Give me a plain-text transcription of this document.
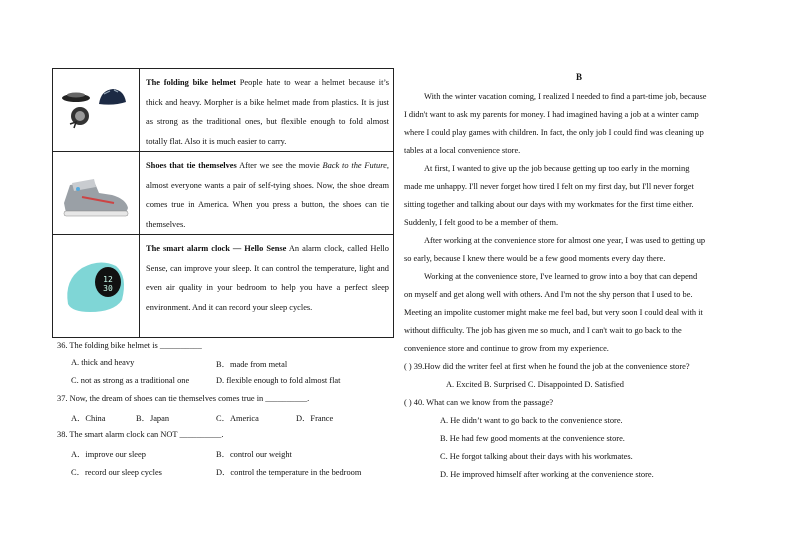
	The folding bike helmet People hate to wear a helmet because it’s thick and heavy. Morpher is a bike helmet made from plastics. It is just as strong as the traditional ones, but flexible enough to fold almost totally flat. Also it is much easier to carry.
	Shoes that tie themselves After we see the movie Back to the Future, almost everyone wants a pair of self-tying shoes. Now, the shoe dream comes true in America. When you press a button, the shoes can tie themselves.

12
30	The smart alarm clock — Hello Sense An alarm clock, called Hello Sense, can improve your sleep. It can control the temperature, light and even air quality in your bedroom to help you have a perfect sleep environment. And it can record your sleep cycles.
36. The folding bike helmet is __________
A. thick and heavy	B．made from metal
C. not as strong as a traditional one	D. flexible enough to fold almost flat
37. Now, the dream of shoes can tie themselves comes true in __________.
A．China	B．Japan	C．America	D．France
38. The smart alarm clock can NOT __________.
A．improve our sleep	B．control our weight
C．record our sleep cycles	D．control the temperature in the bedroom
B
With the winter vacation coming, I realized I needed to find a part-time job, because
I didn't want to ask my parents for money. I had imagined having a job at a winter camp
where I could play games with children. In fact, the only job I could find was cleaning up
tables at a local convenience store.
At first, I wanted to give up the job because getting up too early in the morning
made me unhappy. I'll never forget how tired I felt on my first day, but I'll never forget
sitting together and talking about our days with my workmates for the first time either.
Suddenly, I felt good to be a member of them.
After working at the convenience store for almost one year, I was used to getting up
so early, because I knew there would be a few good moments every day there.
Working at the convenience store, I've learned to grow into a boy that can depend
on myself and get along well with others. And I'm not the shy person that I used to be.
Meeting an impolite customer might make me feel bad, but very soon I could deal with it
without difficulty. The job has given me so much, and I can't wait to go back to the
convenience store and continue to grow from my experience.
( ) 39.How did the writer feel at first when he found the job at the convenience store?
A. Excited B. Surprised C. Disappointed D. Satisfied
( ) 40. What can we know from the passage?
A. He didn’t want to go back to the convenience store.
B. He had few good moments at the convenience store.
C. He forgot talking about their days with his workmates.
D. He improved himself after working at the convenience store.
